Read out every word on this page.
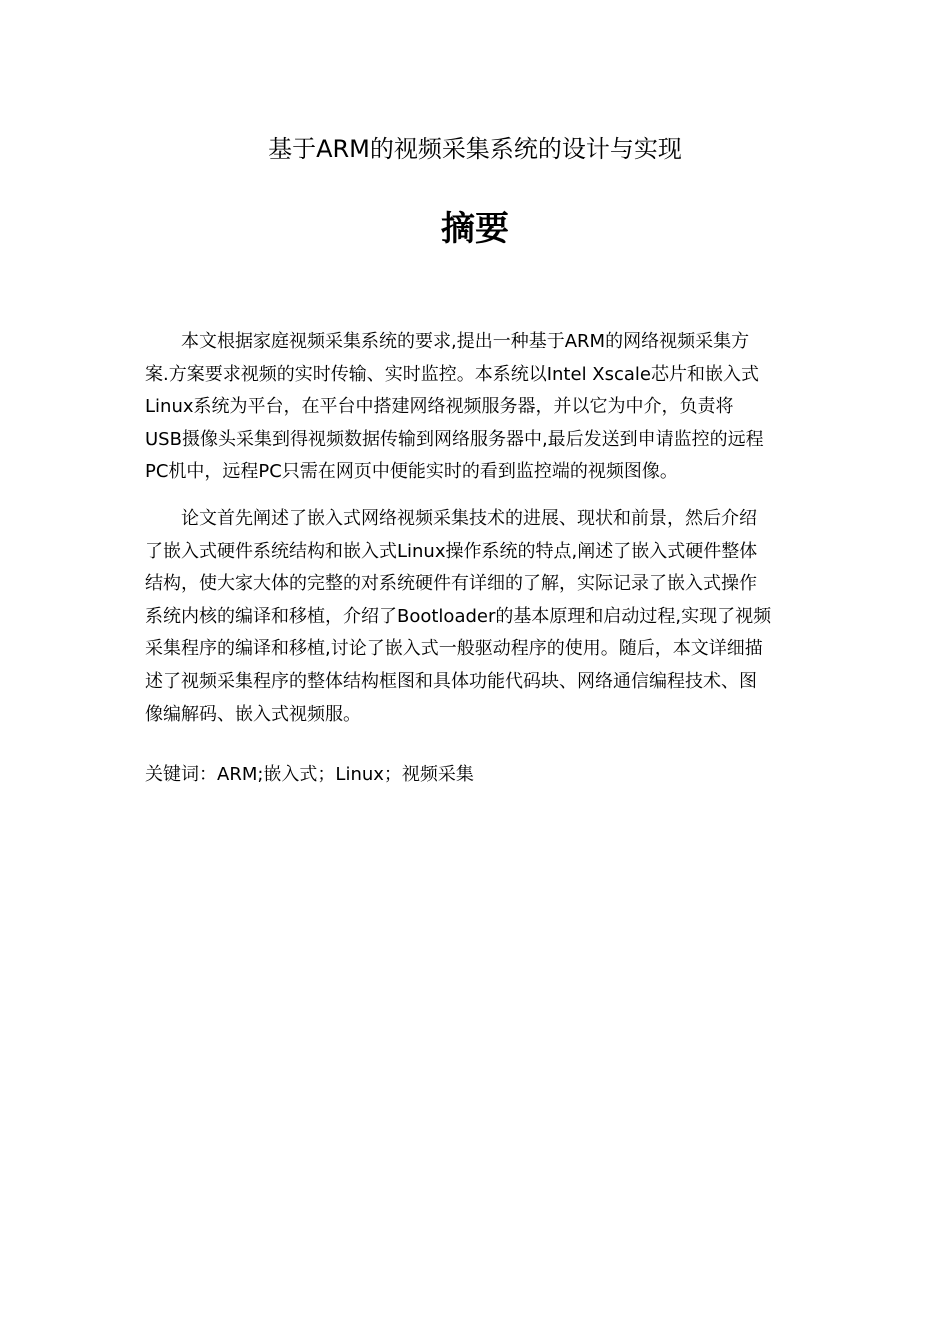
基于ARM的视频采集系统的设计与实现
摘要
本文根据家庭视频采集系统的要求,提出一种基于ARM的网络视频采集方
案.方案要求视频的实时传输、实时监控。本系统以Intel Xscale芯片和嵌入式
Linux系统为平台，在平台中搭建网络视频服务器，并以它为中介，负责将
USB摄像头采集到得视频数据传输到网络服务器中,最后发送到申请监控的远程
PC机中，远程PC只需在网页中便能实时的看到监控端的视频图像。
论文首先阐述了嵌入式网络视频采集技术的进展、现状和前景，然后介绍
了嵌入式硬件系统结构和嵌入式Linux操作系统的特点,阐述了嵌入式硬件整体
结构，使大家大体的完整的对系统硬件有详细的了解，实际记录了嵌入式操作
系统内核的编译和移植，介绍了Bootloader的基本原理和启动过程,实现了视频
采集程序的编译和移植,讨论了嵌入式一般驱动程序的使用。随后，本文详细描
述了视频采集程序的整体结构框图和具体功能代码块、网络通信编程技术、图
像编解码、嵌入式视频服。
关键词：ARM;嵌入式；Linux；视频采集
